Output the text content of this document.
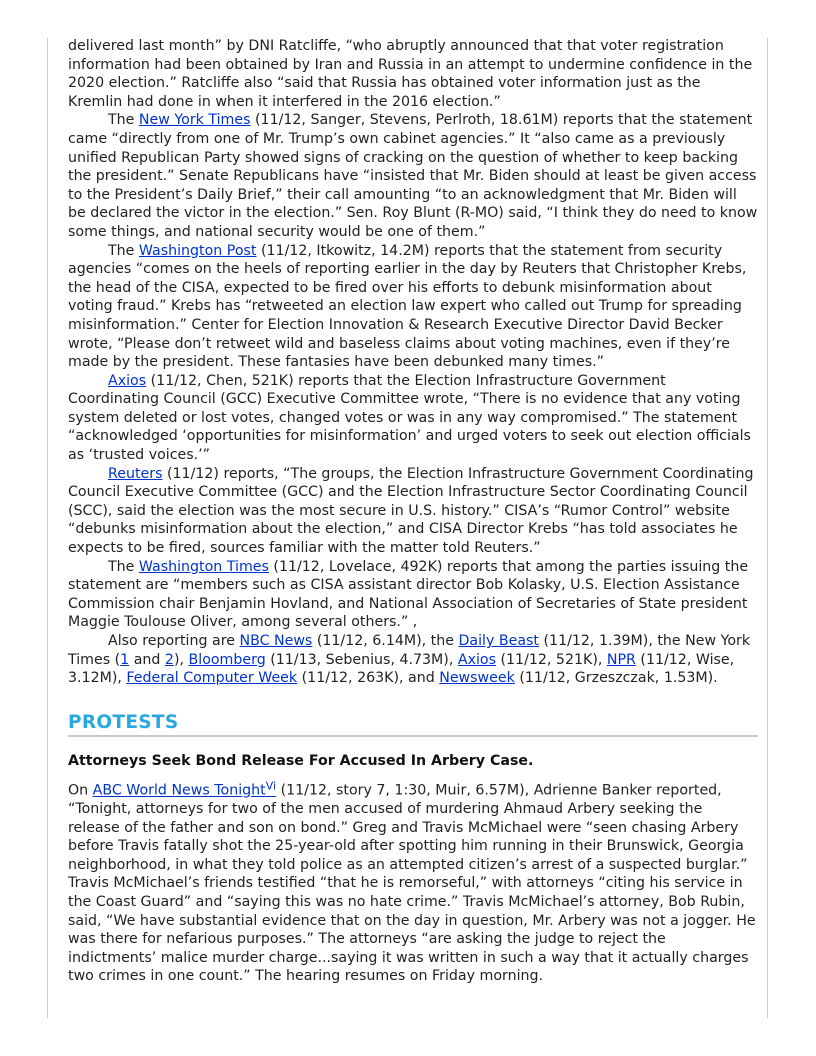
delivered last month” by DNI Ratcliffe, “who abruptly announced that that voter registration information had been obtained by Iran and Russia in an attempt to undermine confidence in the 2020 election.” Ratcliffe also “said that Russia has obtained voter information just as the Kremlin had done in when it interfered in the 2016 election.”

The New York Times (11/12, Sanger, Stevens, Perlroth, 18.61M) reports that the statement came “directly from one of Mr. Trump’s own cabinet agencies.” It “also came as a previously unified Republican Party showed signs of cracking on the question of whether to keep backing the president.” Senate Republicans have “insisted that Mr. Biden should at least be given access to the President’s Daily Brief,” their call amounting “to an acknowledgment that Mr. Biden will be declared the victor in the election.” Sen. Roy Blunt (R-MO) said, “I think they do need to know some things, and national security would be one of them.”

The Washington Post (11/12, Itkowitz, 14.2M) reports that the statement from security agencies “comes on the heels of reporting earlier in the day by Reuters that Christopher Krebs, the head of the CISA, expected to be fired over his efforts to debunk misinformation about voting fraud.” Krebs has “retweeted an election law expert who called out Trump for spreading misinformation.” Center for Election Innovation & Research Executive Director David Becker wrote, “Please don’t retweet wild and baseless claims about voting machines, even if they’re made by the president. These fantasies have been debunked many times.”

Axios (11/12, Chen, 521K) reports that the Election Infrastructure Government Coordinating Council (GCC) Executive Committee wrote, “There is no evidence that any voting system deleted or lost votes, changed votes or was in any way compromised.” The statement “acknowledged ‘opportunities for misinformation’ and urged voters to seek out election officials as ‘trusted voices.’”

Reuters (11/12) reports, “The groups, the Election Infrastructure Government Coordinating Council Executive Committee (GCC) and the Election Infrastructure Sector Coordinating Council (SCC), said the election was the most secure in U.S. history.” CISA’s “Rumor Control” website “debunks misinformation about the election,” and CISA Director Krebs “has told associates he expects to be fired, sources familiar with the matter told Reuters.”

The Washington Times (11/12, Lovelace, 492K) reports that among the parties issuing the statement are “members such as CISA assistant director Bob Kolasky, U.S. Election Assistance Commission chair Benjamin Hovland, and National Association of Secretaries of State president Maggie Toulouse Oliver, among several others.” ,

Also reporting are NBC News (11/12, 6.14M), the Daily Beast (11/12, 1.39M), the New York Times (1 and 2), Bloomberg (11/13, Sebenius, 4.73M), Axios (11/12, 521K), NPR (11/12, Wise, 3.12M), Federal Computer Week (11/12, 263K), and Newsweek (11/12, Grzeszczak, 1.53M).

PROTESTS
Attorneys Seek Bond Release For Accused In Arbery Case.

On ABC World News Tonight$^{Vi}$ (11/12, story 7, 1:30, Muir, 6.57M), Adrienne Banker reported, “Tonight, attorneys for two of the men accused of murdering Ahmaud Arbery seeking the release of the father and son on bond.” Greg and Travis McMichael were “seen chasing Arbery before Travis fatally shot the 25-year-old after spotting him running in their Brunswick, Georgia neighborhood, in what they told police as an attempted citizen’s arrest of a suspected burglar.” Travis McMichael’s friends testified “that he is remorseful,” with attorneys “citing his service in the Coast Guard” and “saying this was no hate crime.” Travis McMichael’s attorney, Bob Rubin, said, “We have substantial evidence that on the day in question, Mr. Arbery was not a jogger. He was there for nefarious purposes.” The attorneys “are asking the judge to reject the indictments’ malice murder charge...saying it was written in such a way that it actually charges two crimes in one count.” The hearing resumes on Friday morning.
